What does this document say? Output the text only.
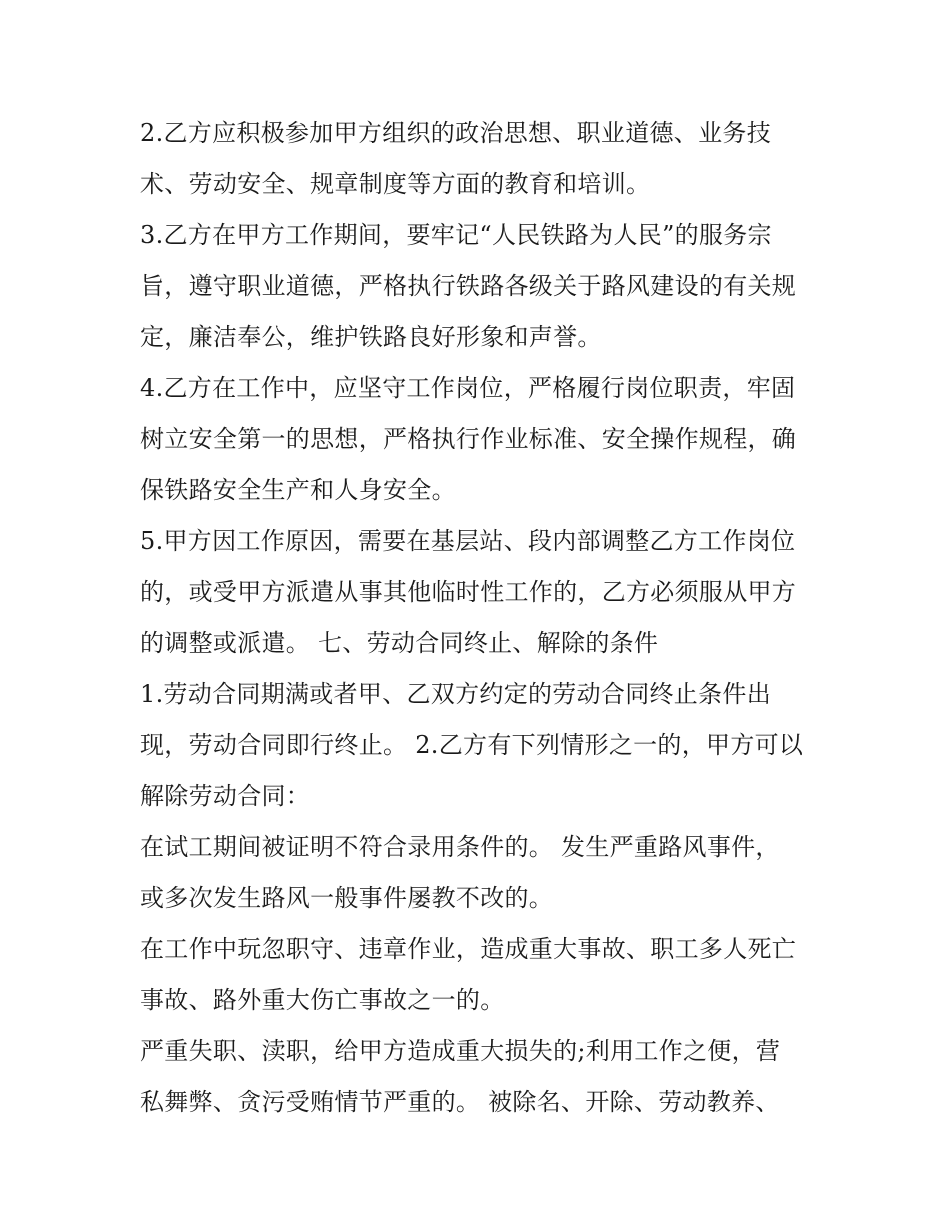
2.乙方应积极参加甲方组织的政治思想、职业道德、业务技
术、劳动安全、规章制度等方面的教育和培训。
3.乙方在甲方工作期间，要牢记“人民铁路为人民”的服务宗
旨，遵守职业道德，严格执行铁路各级关于路风建设的有关规
定，廉洁奉公，维护铁路良好形象和声誉。
4.乙方在工作中，应坚守工作岗位，严格履行岗位职责，牢固
树立安全第一的思想，严格执行作业标准、安全操作规程，确
保铁路安全生产和人身安全。
5.甲方因工作原因，需要在基层站、段内部调整乙方工作岗位
的，或受甲方派遣从事其他临时性工作的，乙方必须服从甲方
的调整或派遣。 七、劳动合同终止、解除的条件
1.劳动合同期满或者甲、乙双方约定的劳动合同终止条件出
现，劳动合同即行终止。 2.乙方有下列情形之一的，甲方可以
解除劳动合同：
在试工期间被证明不符合录用条件的。 发生严重路风事件，
或多次发生路风一般事件屡教不改的。
在工作中玩忽职守、违章作业，造成重大事故、职工多人死亡
事故、路外重大伤亡事故之一的。
严重失职、渎职，给甲方造成重大损失的;利用工作之便，营
私舞弊、贪污受贿情节严重的。 被除名、开除、劳动教养、
